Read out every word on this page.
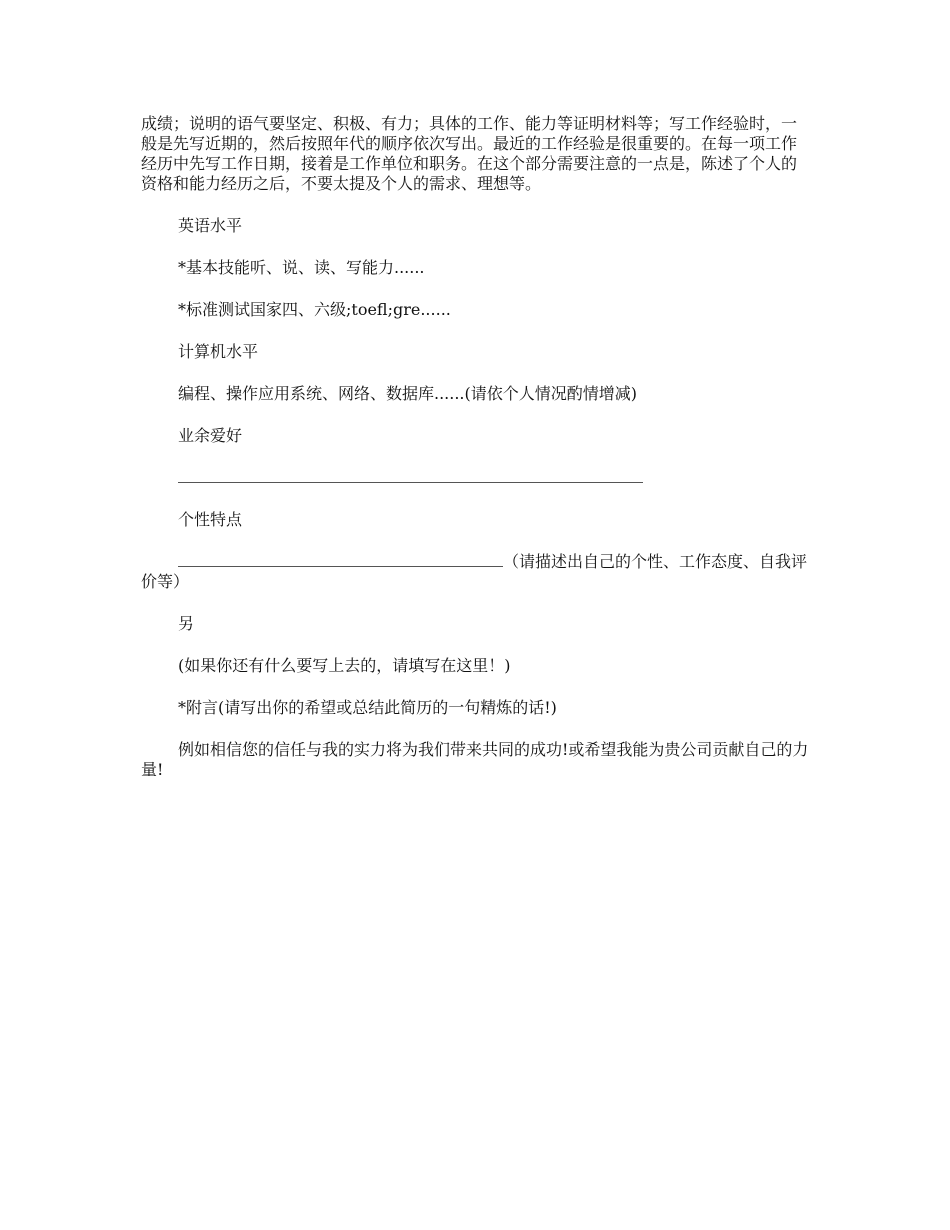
成绩；说明的语气要坚定、积极、有力；具体的工作、能力等证明材料等；写工作经验时，一般是先写近期的，然后按照年代的顺序依次写出。最近的工作经验是很重要的。在每一项工作经历中先写工作日期，接着是工作单位和职务。在这个部分需要注意的一点是，陈述了个人的资格和能力经历之后，不要太提及个人的需求、理想等。

英语水平

*基本技能听、说、读、写能力......

*标准测试国家四、六级;toefl;gre......

计算机水平

编程、操作应用系统、网络、数据库......(请依个人情况酌情增减)

业余爱好

个性特点

（请描述出自己的个性、工作态度、自我评价等）

另

(如果你还有什么要写上去的，请填写在这里！)

*附言(请写出你的希望或总结此简历的一句精炼的话!)

例如相信您的信任与我的实力将为我们带来共同的成功!或希望我能为贵公司贡献自己的力量!
